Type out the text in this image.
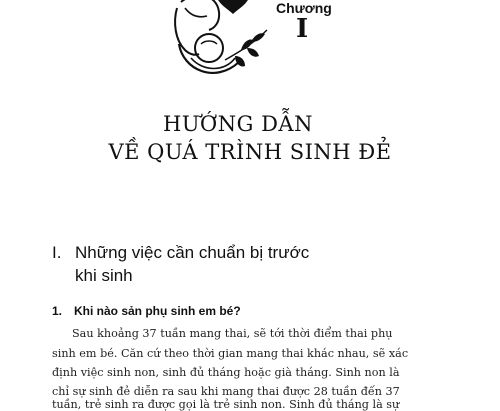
Chương
I
HƯỚNG DẪN
VỀ QUÁ TRÌNH SINH ĐẺ
I. Những việc cần chuẩn bị trước
khi sinh
1. Khi nào sản phụ sinh em bé?
Sau khoảng 37 tuần mang thai, sẽ tới thời điểm thai phụ
sinh em bé. Căn cứ theo thời gian mang thai khác nhau, sẽ xác
định việc sinh non, sinh đủ tháng hoặc già tháng. Sinh non là
chỉ sự sinh đẻ diễn ra sau khi mang thai được 28 tuần đến 37
tuần, trẻ sinh ra được gọi là trẻ sinh non. Sinh đủ tháng là sự
